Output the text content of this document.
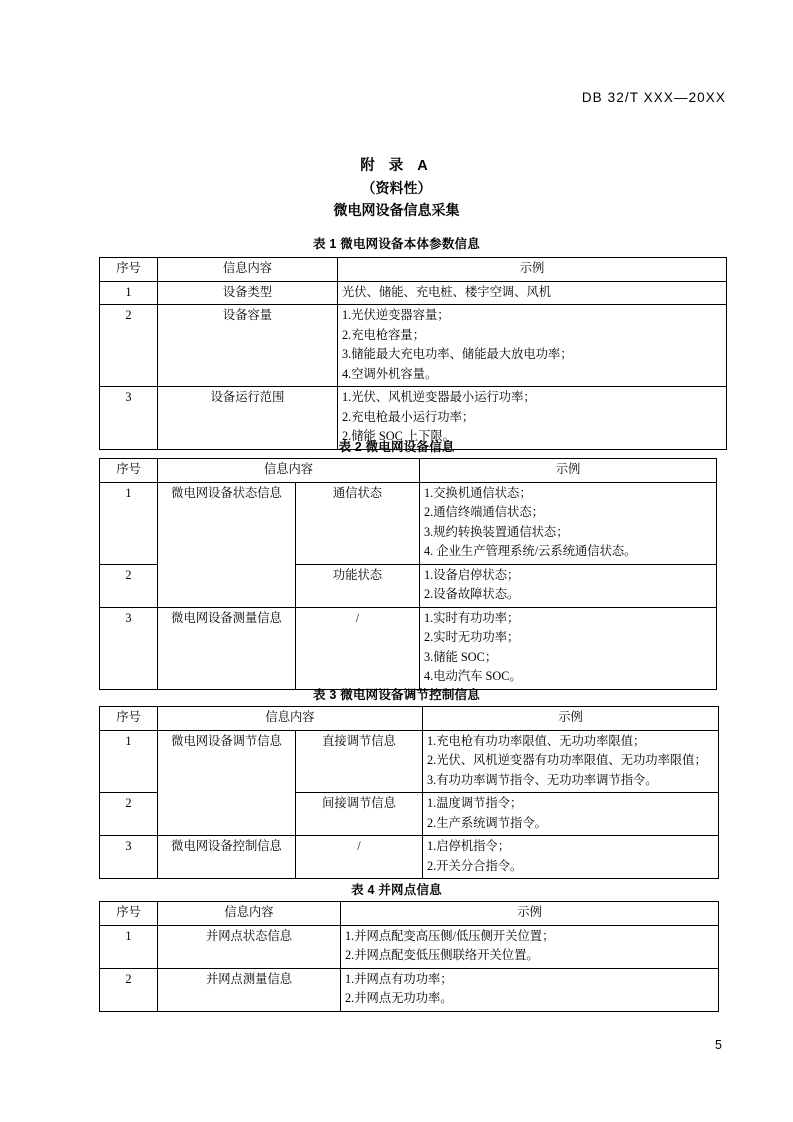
DB 32/T XXX—20XX
附 录 A
（资料性）
微电网设备信息采集
表 1 微电网设备本体参数信息
序号	信息内容	示例
1	设备类型	光伏、储能、充电桩、楼宇空调、风机

2	设备容量	1.光伏逆变器容量；
2.充电枪容量；
3.储能最大充电功率、储能最大放电功率；
4.空调外机容量。

3	设备运行范围	1.光伏、风机逆变器最小运行功率；
2.充电枪最小运行功率；
2.储能 SOC 上下限。
表 2 微电网设备信息
序号	信息内容		示例
1	微电网设备状态信息	通信状态	1.交换机通信状态；
2.通信终端通信状态；
3.规约转换装置通信状态；
4. 企业生产管理系统/云系统通信状态。

2		功能状态	1.设备启停状态；
2.设备故障状态。

3	微电网设备测量信息	/	1.实时有功功率；
2.实时无功功率；
3.储能 SOC；
4.电动汽车 SOC。
表 3 微电网设备调节控制信息
序号	信息内容		示例
1	微电网设备调节信息	直接调节信息	1.充电枪有功功率限值、无功功率限值；
2.光伏、风机逆变器有功功率限值、无功功率限值；
3.有功功率调节指令、无功功率调节指令。

2		间接调节信息	1.温度调节指令；
2.生产系统调节指令。

3	微电网设备控制信息	/	1.启停机指令；
2.开关分合指令。
表 4 并网点信息
序号	信息内容	示例
1	并网点状态信息	1.并网点配变高压侧/低压侧开关位置；
2.并网点配变低压侧联络开关位置。

2	并网点测量信息	1.并网点有功功率；
2.并网点无功功率。
5
